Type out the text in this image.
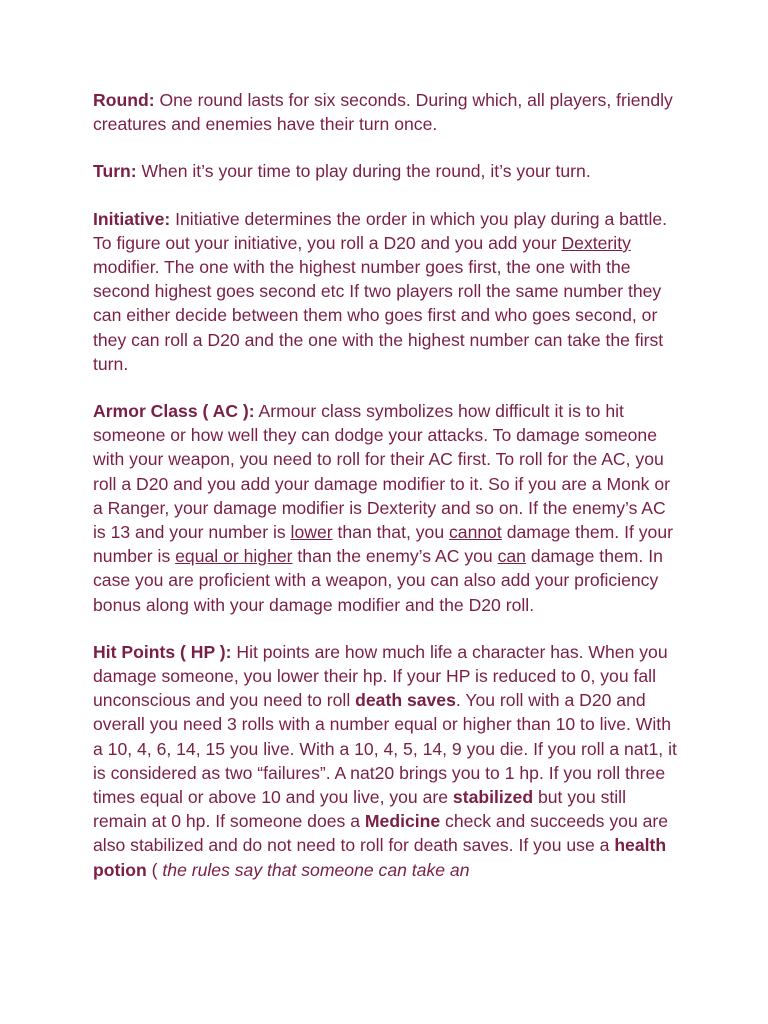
Round: One round lasts for six seconds. During which, all players, friendly creatures and enemies have their turn once.

Turn: When it’s your time to play during the round, it’s your turn.

Initiative: Initiative determines the order in which you play during a battle. To figure out your initiative, you roll a D20 and you add your Dexterity modifier. The one with the highest number goes first, the one with the second highest goes second etc If two players roll the same number they can either decide between them who goes first and who goes second, or they can roll a D20 and the one with the highest number can take the first turn.

Armor Class ( AC ): Armour class symbolizes how difficult it is to hit someone or how well they can dodge your attacks. To damage someone with your weapon, you need to roll for their AC first. To roll for the AC, you roll a D20 and you add your damage modifier to it. So if you are a Monk or a Ranger, your damage modifier is Dexterity and so on. If the enemy’s AC is 13 and your number is lower than that, you cannot damage them. If your number is equal or higher than the enemy’s AC you can damage them. In case you are proficient with a weapon, you can also add your proficiency bonus along with your damage modifier and the D20 roll.

Hit Points ( HP ): Hit points are how much life a character has. When you damage someone, you lower their hp. If your HP is reduced to 0, you fall unconscious and you need to roll death saves. You roll with a D20 and overall you need 3 rolls with a number equal or higher than 10 to live. With a 10, 4, 6, 14, 15 you live. With a 10, 4, 5, 14, 9 you die. If you roll a nat1, it is considered as two “failures”. A nat20 brings you to 1 hp. If you roll three times equal or above 10 and you live, you are stabilized but you still remain at 0 hp. If someone does a Medicine check and succeeds you are also stabilized and do not need to roll for death saves. If you use a health potion ( the rules say that someone can take an
